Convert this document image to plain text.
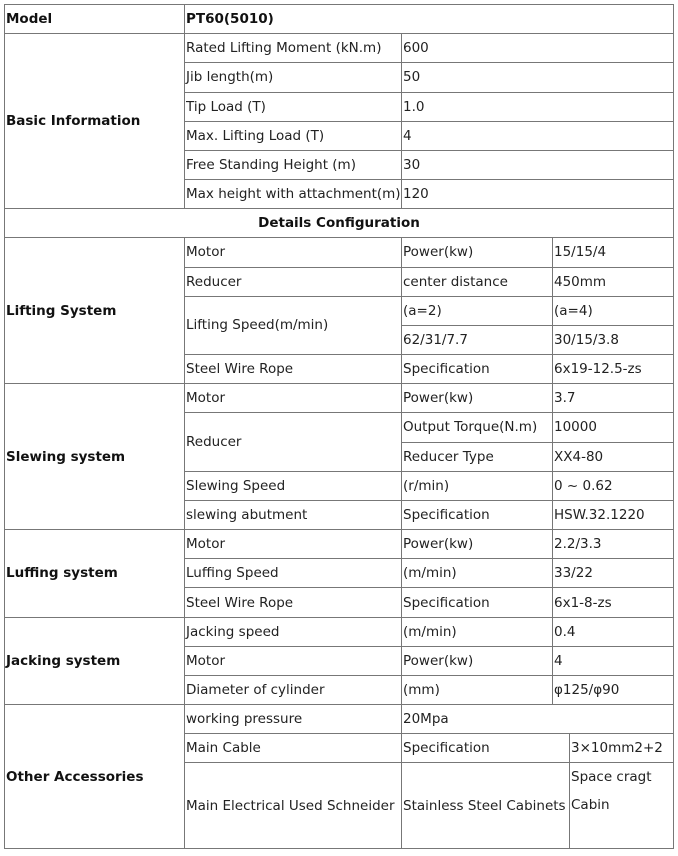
Model	PT60(5010)			
Basic Information	Rated Lifting Moment (kN.m)	600		
	Jib length(m)	50		
	Tip Load (T)	1.0		
	Max. Lifting Load (T)	4		
	Free Standing Height (m)	30		
	Max height with attachment(m)	120		
Details Configuration				
Lifting System	Motor	Power(kw)	15/15/4	
	Reducer	center distance	450mm	
	Lifting Speed(m/min)	(a=2)	(a=4)	
		62/31/7.7	30/15/3.8	
	Steel Wire Rope	Specification	6x19-12.5-zs	
Slewing system	Motor	Power(kw)	3.7	
	Reducer	Output Torque(N.m)	10000	
		Reducer Type	XX4-80	
	Slewing Speed	(r/min)	0 ~ 0.62	
	slewing abutment	Specification	HSW.32.1220	
Luffing system	Motor	Power(kw)	2.2/3.3	
	Luffing Speed	(m/min)	33/22	
	Steel Wire Rope	Specification	6x1-8-zs	
Jacking system	Jacking speed	(m/min)	0.4	
	Motor	Power(kw)	4	
	Diameter of cylinder	(mm)	φ125/φ90	
Other Accessories	working pressure	20Mpa		
	Main Cable	Specification		3×10mm2+2
	Main Electrical Used Schneider	Stainless Steel Cabinets		Space cragt Cabin
